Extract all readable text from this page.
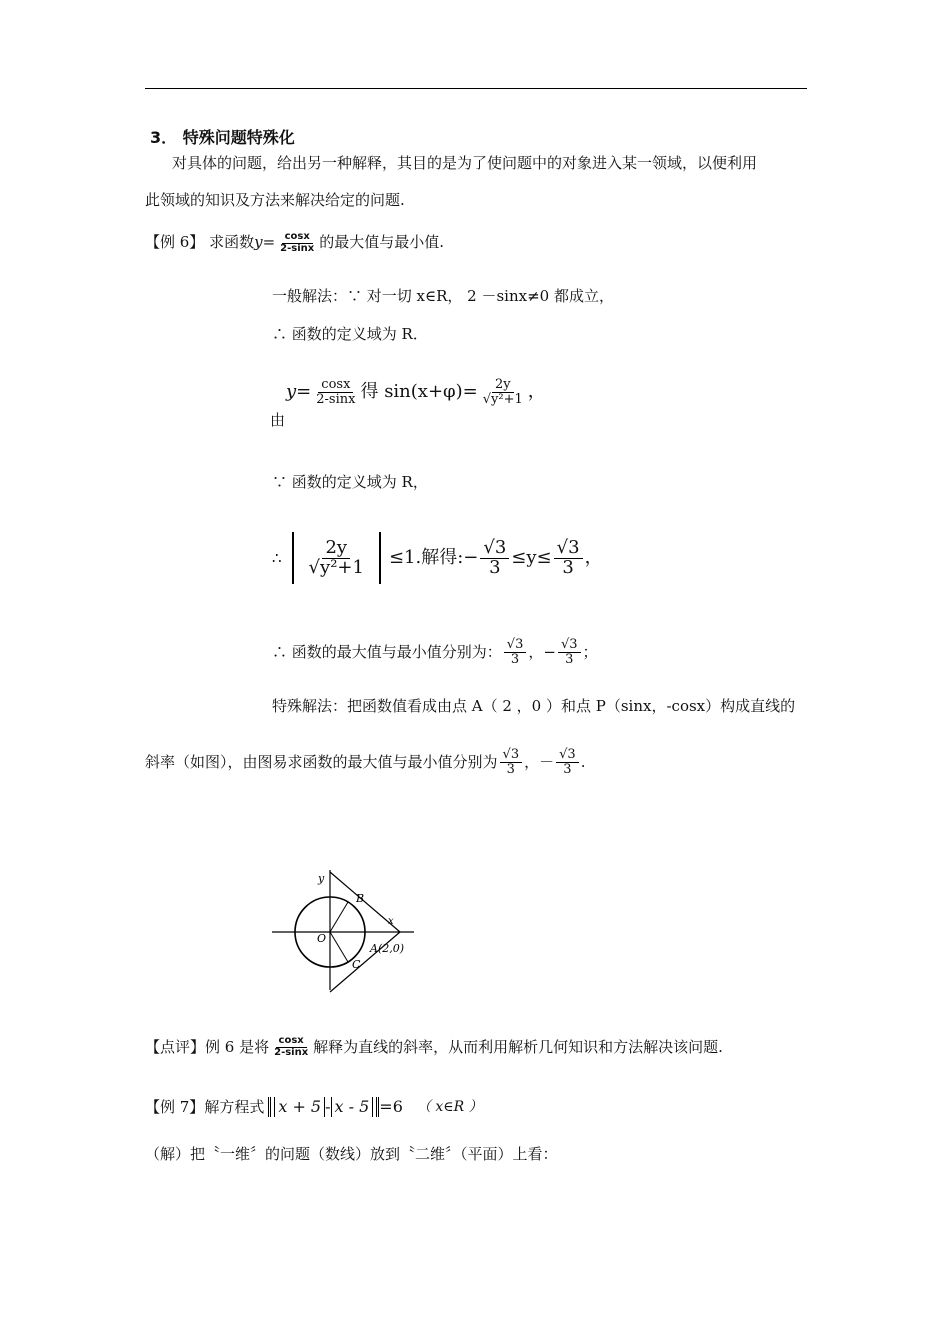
3． 特殊问题特殊化
对具体的问题，给出另一种解释，其目的是为了使问题中的对象进入某一领域，以便利用
此领域的知识及方法来解决给定的问题.
【例 6】 求函数$y= \frac{\cos x}{2-\sin x}$ 的最大值与最小值.
一般解法：∵ 对一切 x∈R， 2 －sinx≠0 都成立，
∴ 函数的定义域为 R．
由
$y= \frac{\cos x}{2-\sin x}$ 得 $\sin(x+\varphi)= \frac{2y}{\text{√y²+1}}$ ，
∵ 函数的定义域为 R，
∴ $\frac{2y}{\text{√y²+1}} \le 1$.解得:− $\frac{√3}{3} \le y\le \frac{√3}{3}$ ，
∴ 函数的最大值与最小值分别为： $\frac{√3}{3}$ ，− $\frac{√3}{3}$ ；
特殊解法：把函数值看成由点 A（ 2 ，0 ）和点 P（sinx，-cosx）构成直线的
斜率（如图），由图易求函数的最大值与最小值分别为 $\frac{√3}{3}$ ，－ $\frac{√3}{3}$ .
y
x
B
O
A(2,0)
C
【点评】 例 6 是将 $\frac{\cos x}{2-\sin x}$ 解释为直线的斜率，从而利用解析几何知识和方法解决该问题.
【例 7】 解方程式 x + 5 - x - 5 =6 （ x∈R ）
（解）把〝一维〞的问题（数线）放到〝二维〞（平面）上看：
